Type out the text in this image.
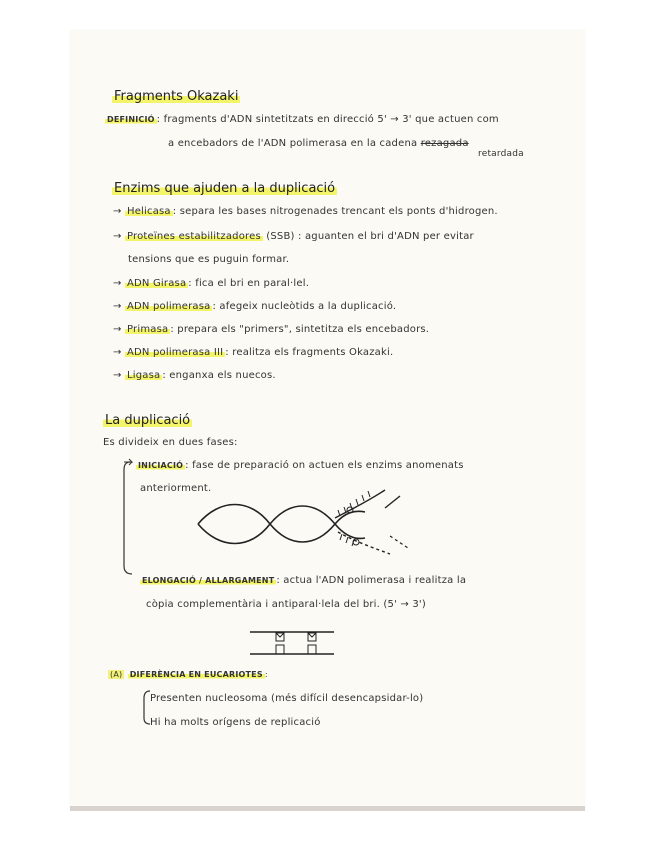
Fragments Okazaki
DEFINICIÓ : fragments d'ADN sintetitzats en direcció 5' → 3' que actuen com
a encebadors de l'ADN polimerasa en la cadena rezagada
retardada
Enzims que ajuden a la duplicació
→ Helicasa : separa les bases nitrogenades trencant els ponts d'hidrogen.
→ Proteïnes estabilitzadores (SSB) : aguanten el bri d'ADN per evitar
tensions que es puguin formar.
→ ADN Girasa : fica el bri en paral·lel.
→ ADN polimerasa : afegeix nucleòtids a la duplicació.
→ Primasa : prepara els "primers", sintetitza els encebadors.
→ ADN polimerasa III : realitza els fragments Okazaki.
→ Ligasa : enganxa els nuecos.
La duplicació
Es divideix en dues fases:
INICIACIÓ : fase de preparació on actuen els enzims anomenats
anteriorment.
ELONGACIÓ / ALLARGAMENT : actua l'ADN polimerasa i realitza la
còpia complementària i antiparal·lela del bri. (5' → 3')
(A) DIFERÈNCIA EN EUCARIOTES :
Presenten nucleosoma (més difícil desencapsidar-lo)
Hi ha molts orígens de replicació
